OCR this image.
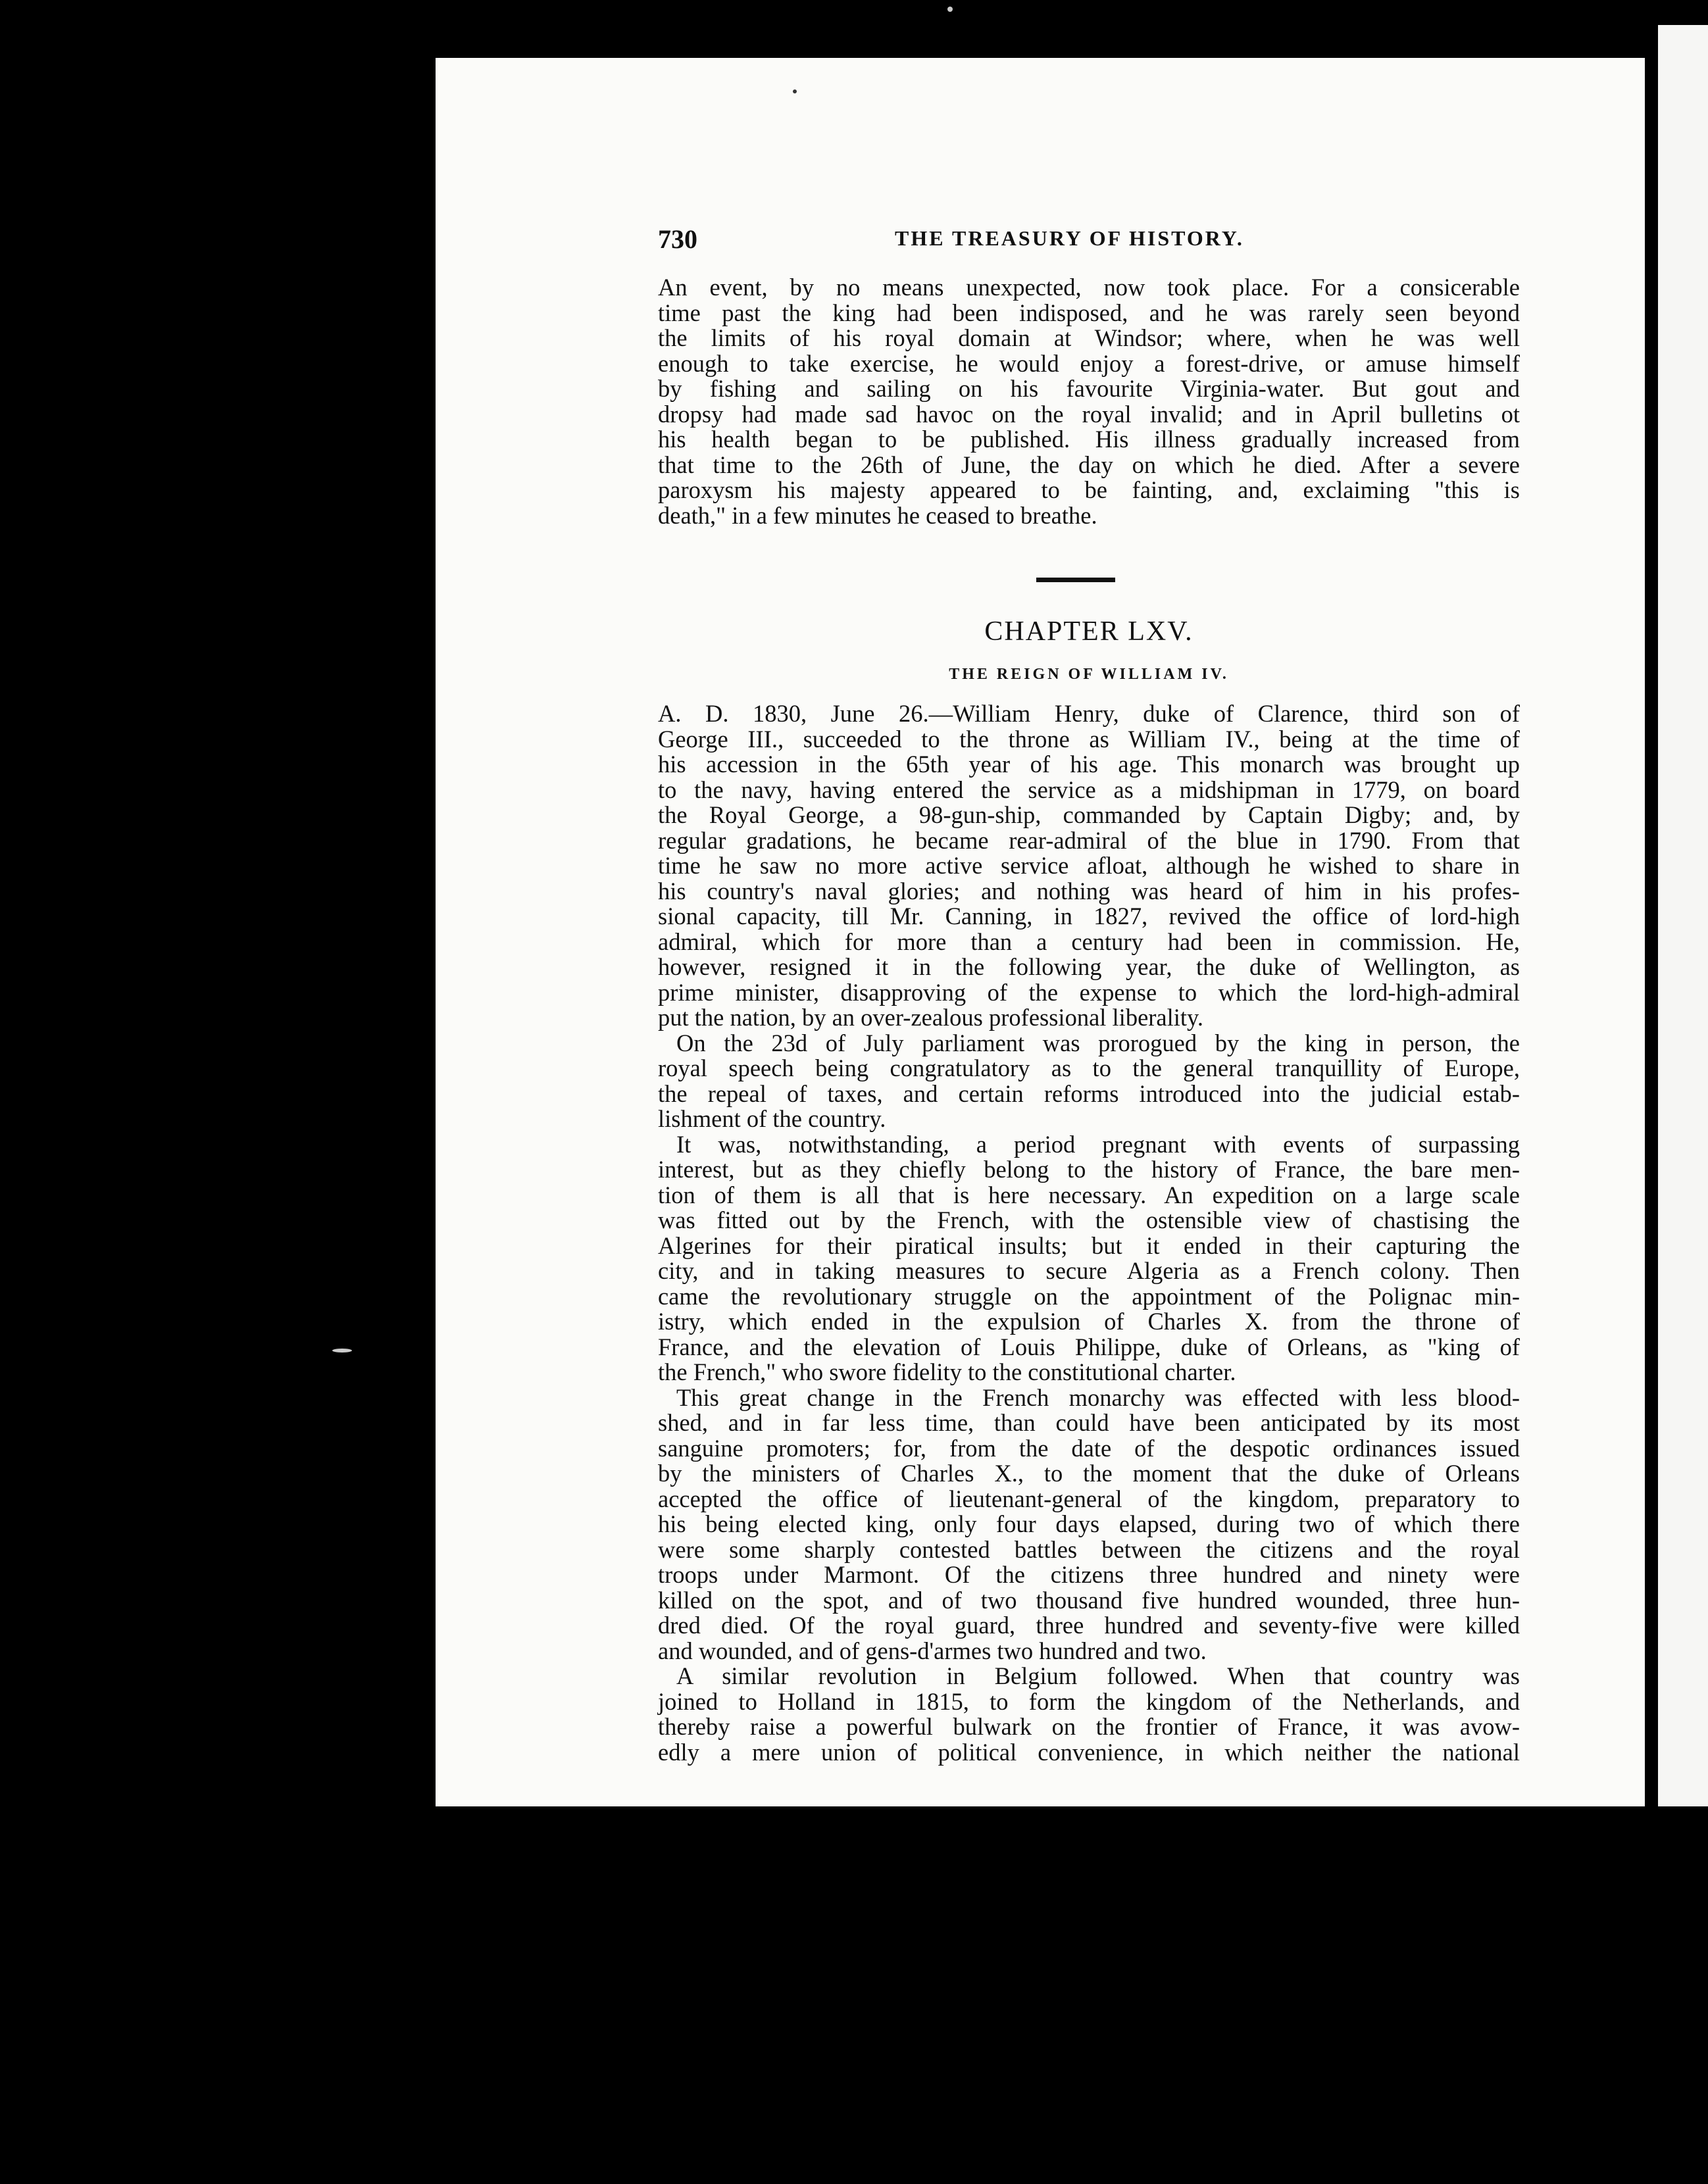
730	THE TREASURY OF HISTORY.
An event, by no means unexpected, now took place. For a consicerable
time past the king had been indisposed, and he was rarely seen beyond
the limits of his royal domain at Windsor; where, when he was well
enough to take exercise, he would enjoy a forest-drive, or amuse himself
by fishing and sailing on his favourite Virginia-water. But gout and
dropsy had made sad havoc on the royal invalid; and in April bulletins ot
his health began to be published. His illness gradually increased from
that time to the 26th of June, the day on which he died. After a severe
paroxysm his majesty appeared to be fainting, and, exclaiming "this is
death," in a few minutes he ceased to breathe.
CHAPTER LXV.
THE REIGN OF WILLIAM IV.
A. D. 1830, June 26.—William Henry, duke of Clarence, third son of
George III., succeeded to the throne as William IV., being at the time of
his accession in the 65th year of his age. This monarch was brought up
to the navy, having entered the service as a midshipman in 1779, on board
the Royal George, a 98-gun-ship, commanded by Captain Digby; and, by
regular gradations, he became rear-admiral of the blue in 1790. From that
time he saw no more active service afloat, although he wished to share in
his country's naval glories; and nothing was heard of him in his profes-
sional capacity, till Mr. Canning, in 1827, revived the office of lord-high
admiral, which for more than a century had been in commission. He,
however, resigned it in the following year, the duke of Wellington, as
prime minister, disapproving of the expense to which the lord-high-admiral
put the nation, by an over-zealous professional liberality.
On the 23d of July parliament was prorogued by the king in person, the
royal speech being congratulatory as to the general tranquillity of Europe,
the repeal of taxes, and certain reforms introduced into the judicial estab-
lishment of the country.
It was, notwithstanding, a period pregnant with events of surpassing
interest, but as they chiefly belong to the history of France, the bare men-
tion of them is all that is here necessary. An expedition on a large scale
was fitted out by the French, with the ostensible view of chastising the
Algerines for their piratical insults; but it ended in their capturing the
city, and in taking measures to secure Algeria as a French colony. Then
came the revolutionary struggle on the appointment of the Polignac min-
istry, which ended in the expulsion of Charles X. from the throne of
France, and the elevation of Louis Philippe, duke of Orleans, as "king of
the French," who swore fidelity to the constitutional charter.
This great change in the French monarchy was effected with less blood-
shed, and in far less time, than could have been anticipated by its most
sanguine promoters; for, from the date of the despotic ordinances issued
by the ministers of Charles X., to the moment that the duke of Orleans
accepted the office of lieutenant-general of the kingdom, preparatory to
his being elected king, only four days elapsed, during two of which there
were some sharply contested battles between the citizens and the royal
troops under Marmont. Of the citizens three hundred and ninety were
killed on the spot, and of two thousand five hundred wounded, three hun-
dred died. Of the royal guard, three hundred and seventy-five were killed
and wounded, and of gens-d'armes two hundred and two.
A similar revolution in Belgium followed. When that country was
joined to Holland in 1815, to form the kingdom of the Netherlands, and
thereby raise a powerful bulwark on the frontier of France, it was avow-
edly a mere union of political convenience, in which neither the national
